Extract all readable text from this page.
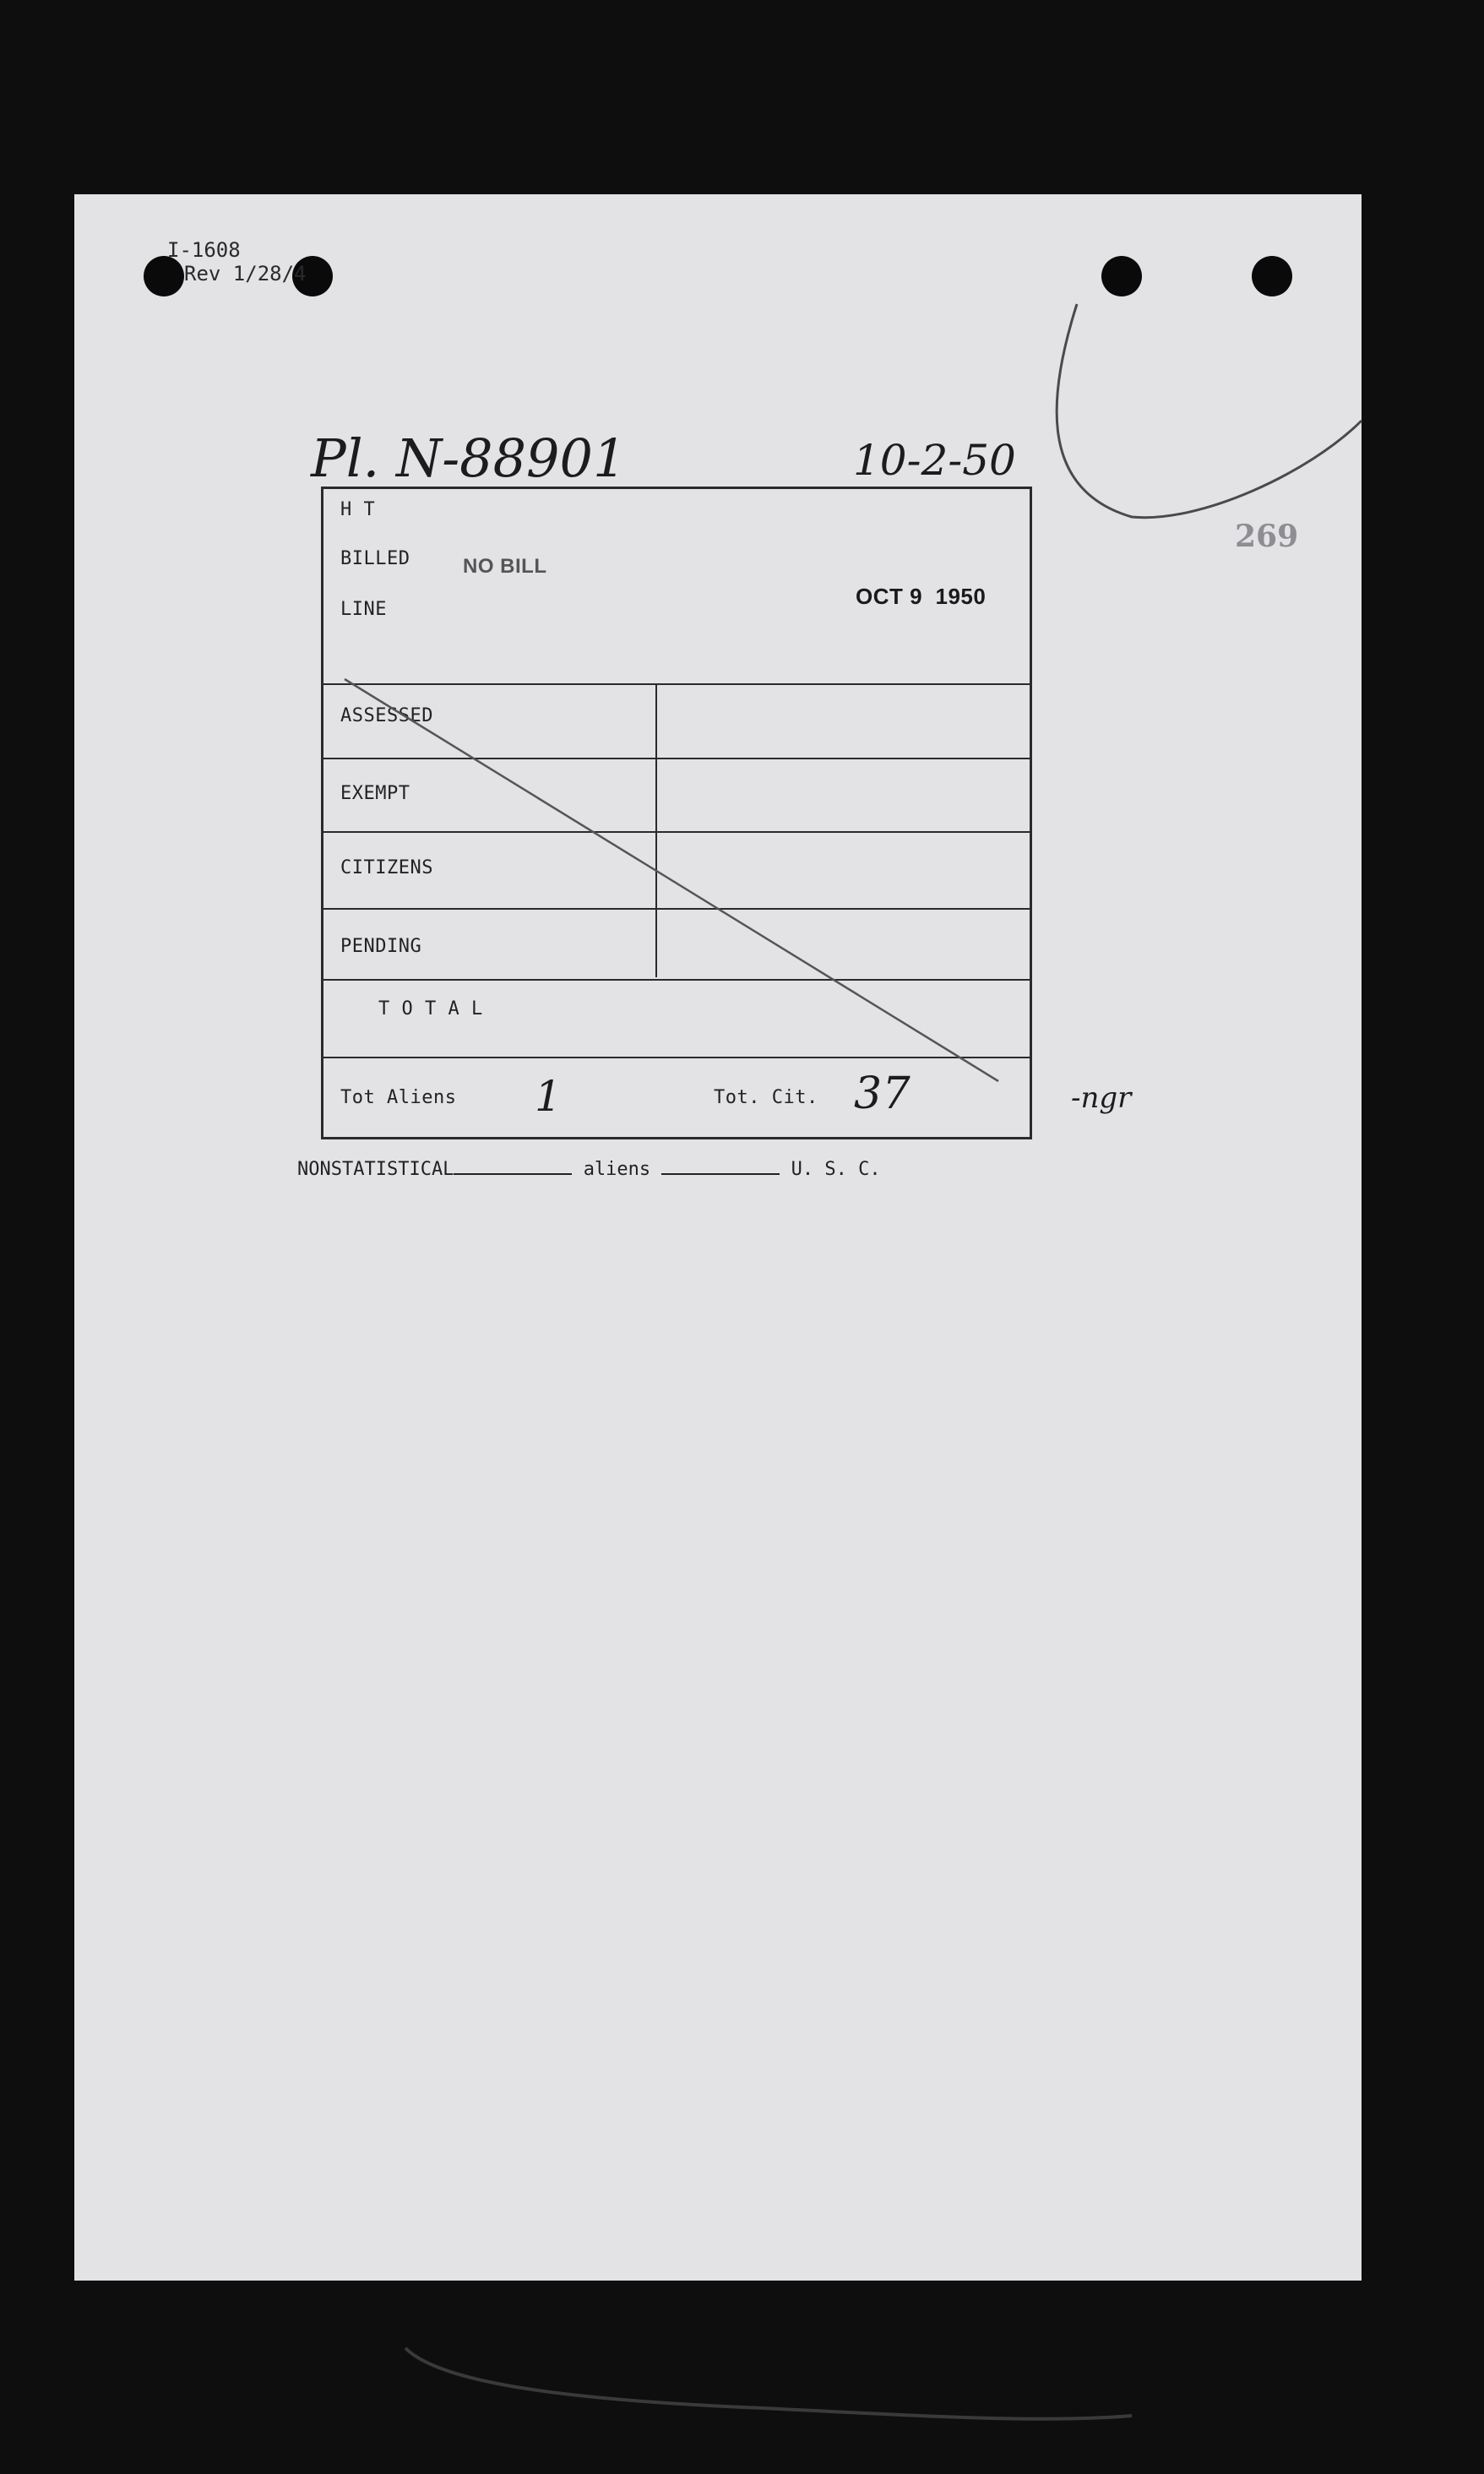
I-1608
Rev 1/28/4
Pl. N-88901	10-2-50
269
H T
BILLED	NO BILL
LINE
OCT 9  1950
ASSESSED
EXEMPT
CITIZENS
PENDING
T O T A L
Tot Aliens 1	Tot. Cit. 37	-ngr
NONSTATISTICAL	aliens	U. S. C.
